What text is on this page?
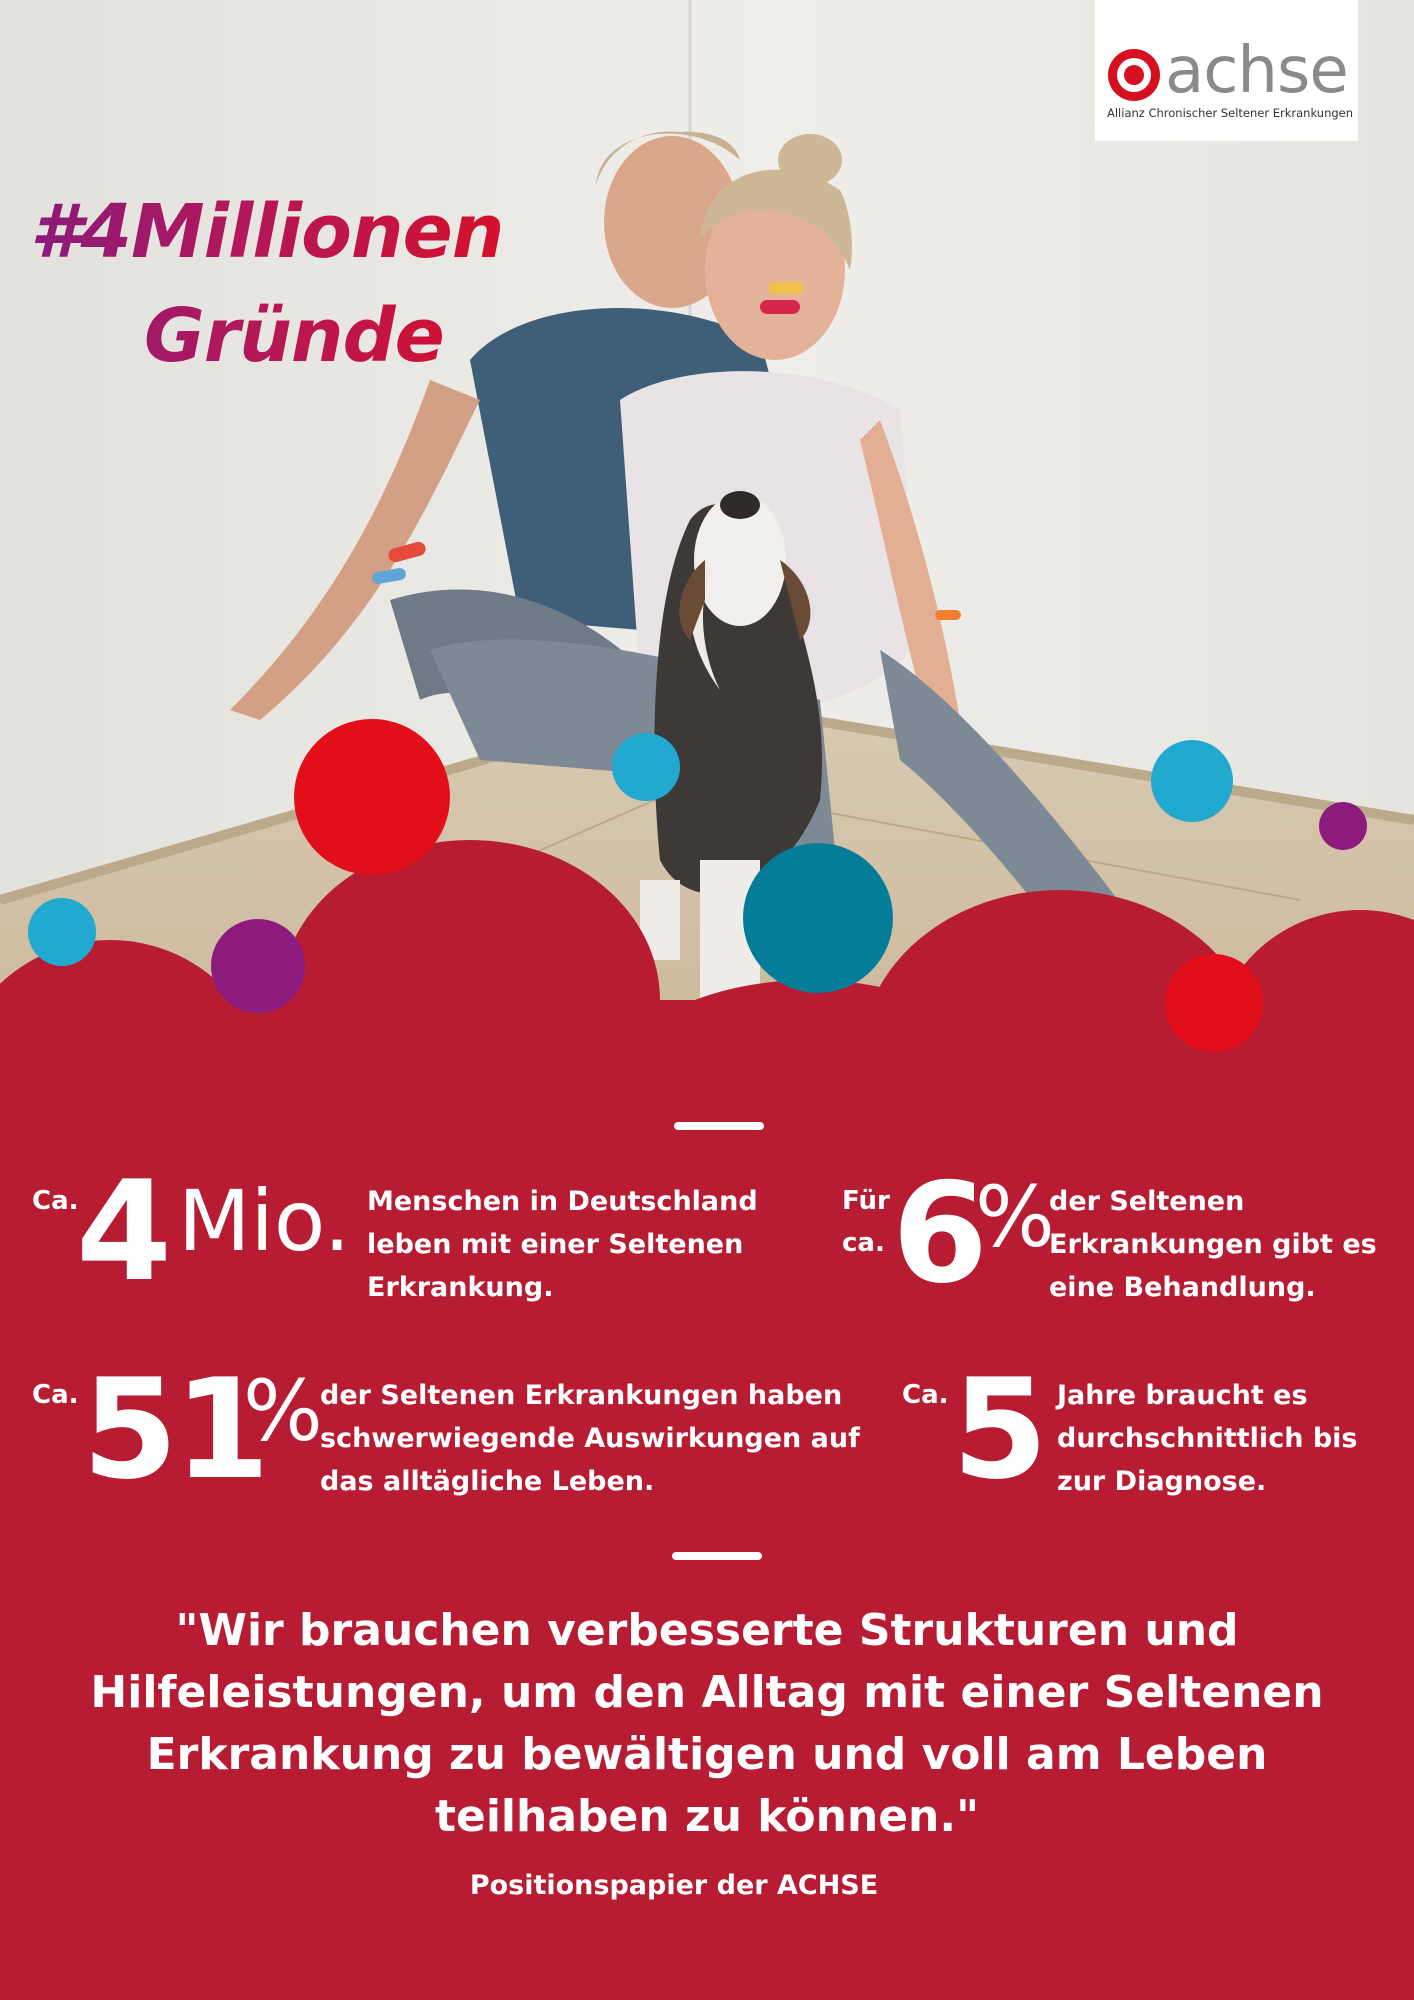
achse
Allianz Chronischer Seltener Erkrankungen
#4Millionen
Gründe
Ca.
4 Mio. Menschen in Deutschland leben mit einer Seltenen Erkrankung.
Für
ca. 6
%
der Seltenen Erkrankungen gibt es eine Behandlung.
Ca. 51
%
der Seltenen Erkrankungen haben schwerwiegende Auswirkungen auf das alltägliche Leben.
Ca. 5 Jahre braucht es durchschnittlich bis zur Diagnose.
"Wir brauchen verbesserte Strukturen und Hilfeleistungen, um den Alltag mit einer Seltenen Erkrankung zu bewältigen und voll am Leben teilhaben zu können."
Positionspapier der ACHSE
